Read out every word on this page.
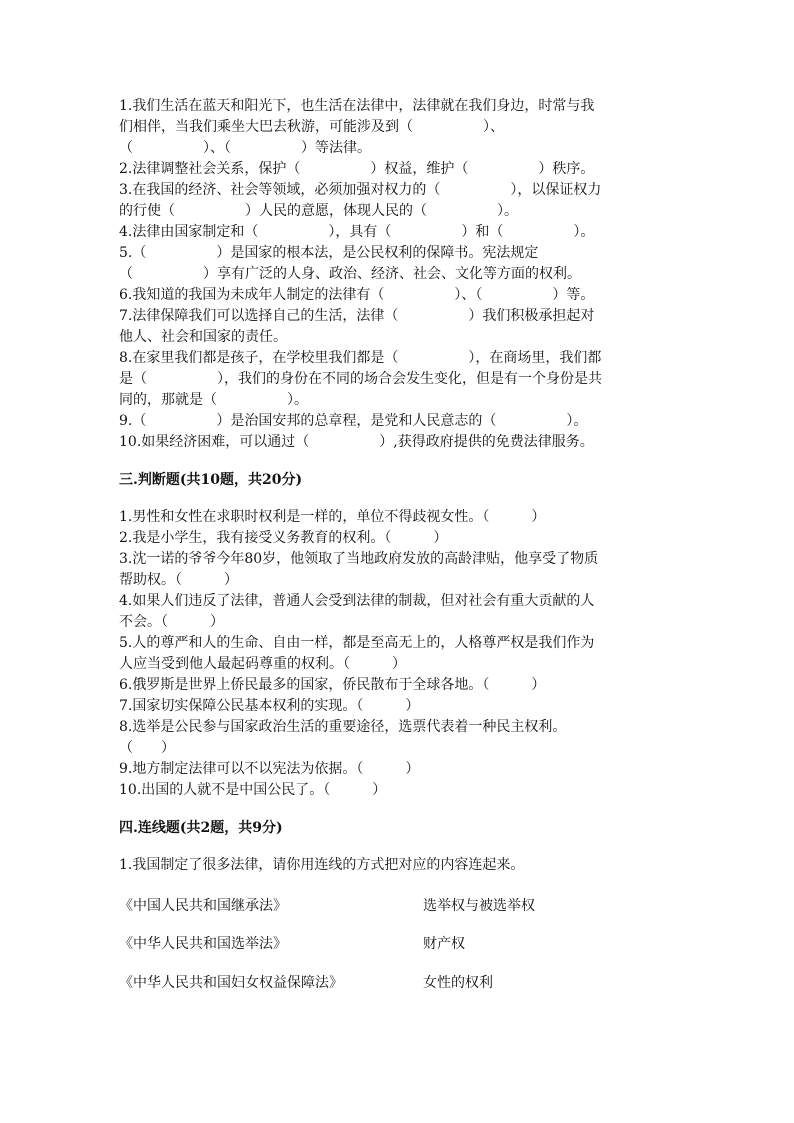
1.我们生活在蓝天和阳光下，也生活在法律中，法律就在我们身边，时常与我
们相伴，当我们乘坐大巴去秋游，可能涉及到（　　　　　）、
（　　　　　）、（　　　　　）等法律。
2.法律调整社会关系，保护（　　　　　）权益，维护（　　　　　）秩序。
3.在我国的经济、社会等领域，必须加强对权力的（　　　　　），以保证权力
的行使（　　　　　）人民的意愿，体现人民的（　　　　　）。
4.法律由国家制定和（　　　　　），具有（　　　　　）和（　　　　　）。
5.（　　　　　）是国家的根本法，是公民权利的保障书。宪法规定
（　　　　　）享有广泛的人身、政治、经济、社会、文化等方面的权利。
6.我知道的我国为未成年人制定的法律有（　　　　　）、（　　　　　）等。
7.法律保障我们可以选择自己的生活，法律（　　　　　）我们积极承担起对
他人、社会和国家的责任。
8.在家里我们都是孩子，在学校里我们都是（　　　　　），在商场里，我们都
是（　　　　　），我们的身份在不同的场合会发生变化，但是有一个身份是共
同的，那就是（　　　　　）。
9.（　　　　　）是治国安邦的总章程，是党和人民意志的（　　　　　）。
10.如果经济困难，可以通过（　　　　　）,获得政府提供的免费法律服务。
三.判断题(共10题，共20分)
1.男性和女性在求职时权利是一样的，单位不得歧视女性。（　　　）
2.我是小学生，我有接受义务教育的权利。（　　　）
3.沈一诺的爷爷今年80岁，他领取了当地政府发放的高龄津贴，他享受了物质
帮助权。（　　　）
4.如果人们违反了法律，普通人会受到法律的制裁，但对社会有重大贡献的人
不会。（　　　）
5.人的尊严和人的生命、自由一样，都是至高无上的，人格尊严权是我们作为
人应当受到他人最起码尊重的权利。（　　　）
6.俄罗斯是世界上侨民最多的国家，侨民散布于全球各地。（　　　）
7.国家切实保障公民基本权利的实现。（　　　）
8.选举是公民参与国家政治生活的重要途径，选票代表着一种民主权利。
（　　）
9.地方制定法律可以不以宪法为依据。（　　　）
10.出国的人就不是中国公民了。（　　　）
四.连线题(共2题，共9分)
1.我国制定了很多法律，请你用连线的方式把对应的内容连起来。
《中国人民共和国继承法》
《中华人民共和国选举法》
《中华人民共和国妇女权益保障法》
选举权与被选举权
财产权
女性的权利
